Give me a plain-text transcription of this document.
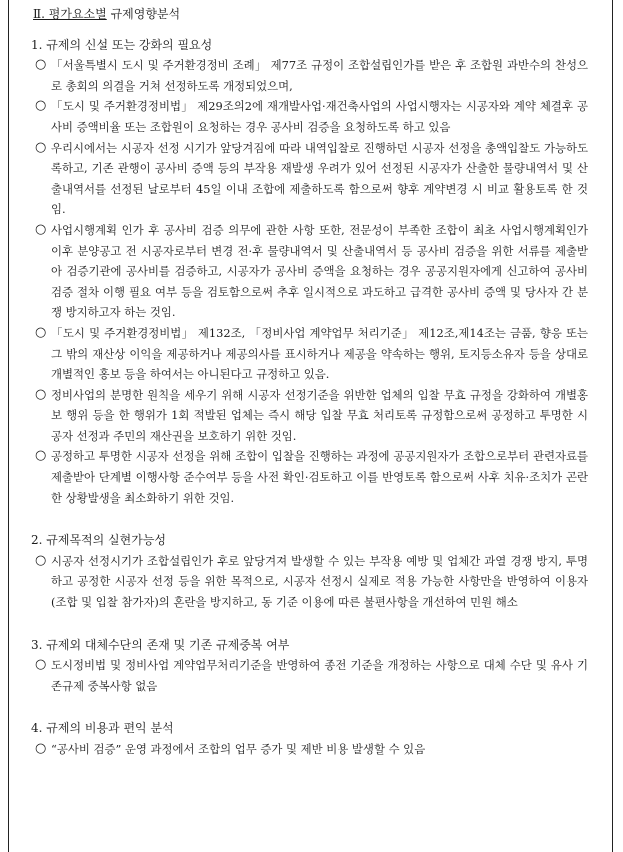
Ⅱ. 평가요소별 규제영향분석
1. 규제의 신설 또는 강화의 필요성
○ 「서울특별시 도시 및 주거환경정비 조례」 제77조 규정이 조합설립인가를 받은 후 조합원 과반수의 찬성으로 총회의 의결을 거쳐 선정하도록 개정되었으며,
○ 「도시 및 주거환경정비법」 제29조의2에 재개발사업·재건축사업의 사업시행자는 시공자와 계약 체결후 공사비 증액비율 또는 조합원이 요청하는 경우 공사비 검증을 요청하도록 하고 있음
○ 우리시에서는 시공자 선정 시기가 앞당겨짐에 따라 내역입찰로 진행하던 시공자 선정을 총액입찰도 가능하도록하고, 기존 관행이 공사비 증액 등의 부작용 재발생 우려가 있어 선정된 시공자가 산출한 물량내역서 및 산출내역서를 선정된 날로부터 45일 이내 조합에 제출하도록 함으로써 향후 계약변경 시 비교 활용토록 한 것임.
○ 사업시행계획 인가 후 공사비 검증 의무에 관한 사항 또한, 전문성이 부족한 조합이 최초 사업시행계획인가 이후 분양공고 전 시공자로부터 변경 전·후 물량내역서 및 산출내역서 등 공사비 검증을 위한 서류를 제출받아 검증기관에 공사비를 검증하고, 시공자가 공사비 증액을 요청하는 경우 공공지원자에게 신고하여 공사비 검증 절차 이행 필요 여부 등을 검토함으로써 추후 일시적으로 과도하고 급격한 공사비 증액 및 당사자 간 분쟁 방지하고자 하는 것임.
○ 「도시 및 주거환경정비법」 제132조, 「정비사업 계약업무 처리기준」 제12조,제14조는 금품, 향응 또는 그 밖의 재산상 이익을 제공하거나 제공의사를 표시하거나 제공을 약속하는 행위, 토지등소유자 등을 상대로 개별적인 홍보 등을 하여서는 아니된다고 규정하고 있음.
○ 정비사업의 분명한 원칙을 세우기 위해 시공자 선정기준을 위반한 업체의 입찰 무효 규정을 강화하여 개별홍보 행위 등을 한 행위가 1회 적발된 업체는 즉시 해당 입찰 무효 처리토록 규정함으로써 공정하고 투명한 시공자 선정과 주민의 재산권을 보호하기 위한 것임.
○ 공정하고 투명한 시공자 선정을 위해 조합이 입찰을 진행하는 과정에 공공지원자가 조합으로부터 관련자료를 제출받아 단계별 이행사항 준수여부 등을 사전 확인·검토하고 이를 반영토록 함으로써 사후 치유·조치가 곤란한 상황발생을 최소화하기 위한 것임.
2. 규제목적의 실현가능성
○ 시공자 선정시기가 조합설립인가 후로 앞당겨져 발생할 수 있는 부작용 예방 및 업체간 과열 경쟁 방지, 투명하고 공정한 시공자 선정 등을 위한 목적으로, 시공자 선정시 실제로 적용 가능한 사항만을 반영하여 이용자(조합 및 입찰 참가자)의 혼란을 방지하고, 동 기준 이용에 따른 불편사항을 개선하여 민원 해소
3. 규제외 대체수단의 존재 및 기존 규제중복 여부
○ 도시정비법 및 정비사업 계약업무처리기준을 반영하여 종전 기준을 개정하는 사항으로 대체 수단 및 유사 기존규제 중복사항 없음
4. 규제의 비용과 편익 분석
○ “공사비 검증” 운영 과정에서 조합의 업무 증가 및 제반 비용 발생할 수 있음
